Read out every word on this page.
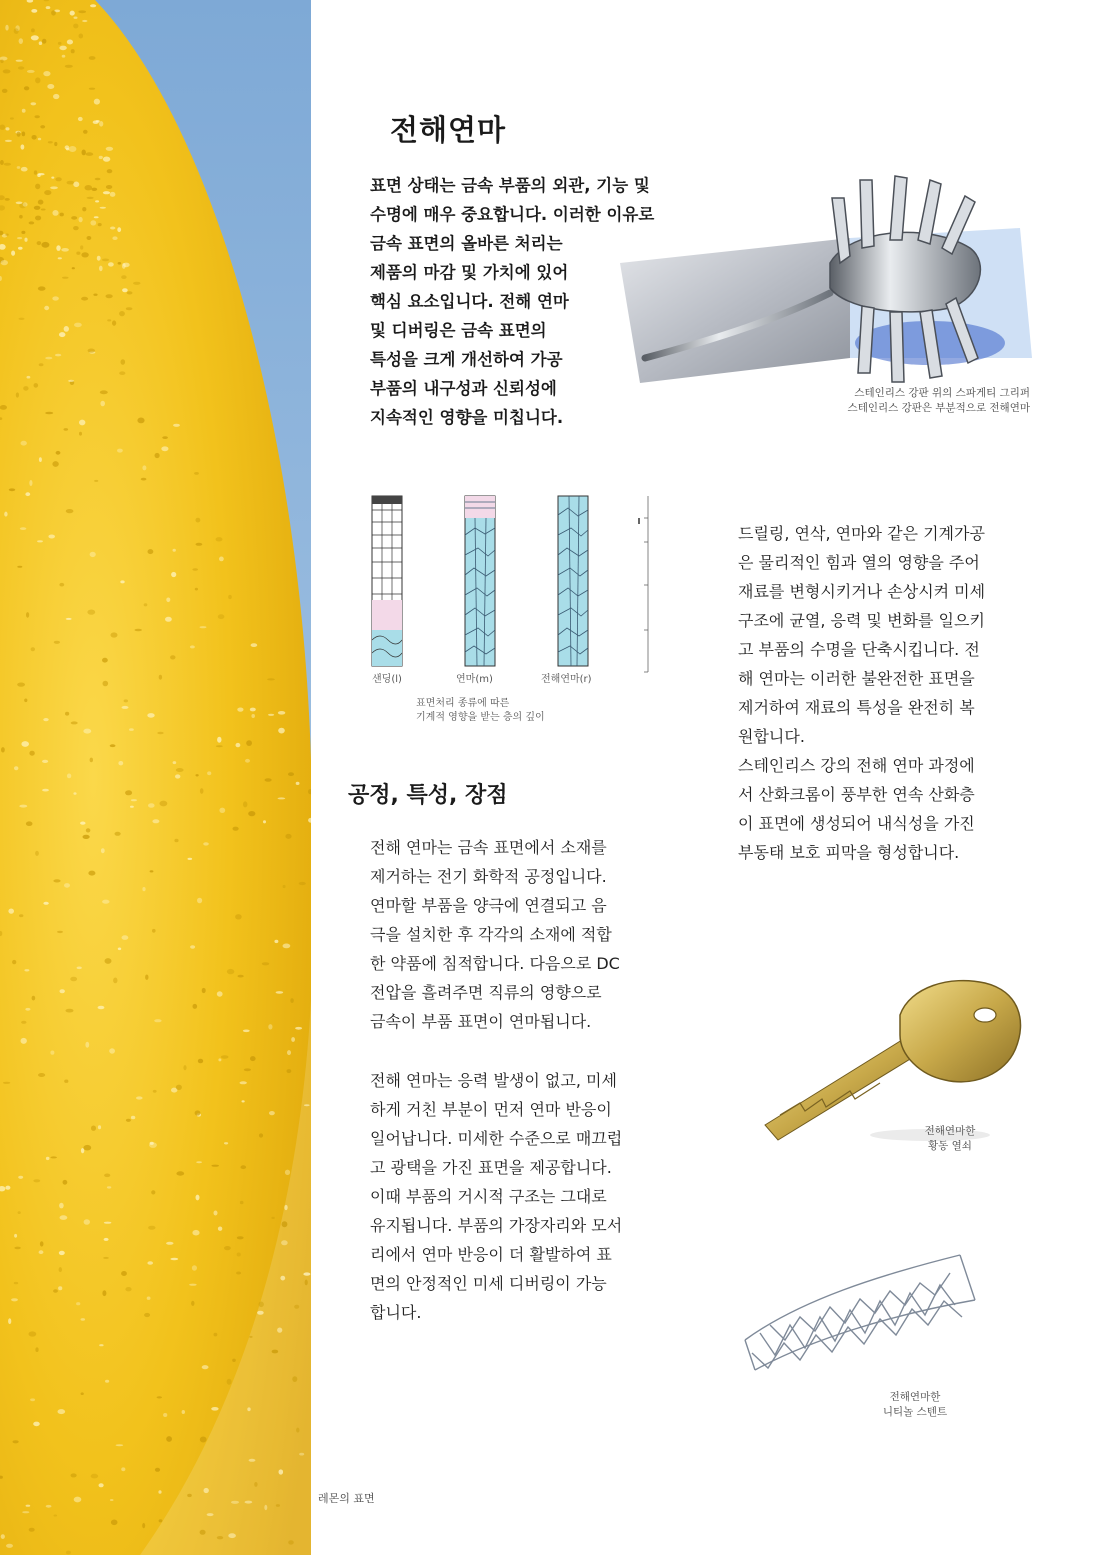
전해연마
표면 상태는 금속 부품의 외관, 기능 및
수명에 매우 중요합니다. 이러한 이유로
금속 표면의 올바른 처리는
제품의 마감 및 가치에 있어
핵심 요소입니다. 전해 연마
및 디버링은 금속 표면의
특성을 크게 개선하여 가공
부품의 내구성과 신뢰성에
지속적인 영향을 미칩니다.
스테인리스 강판 위의 스파게티 그리퍼
스테인리스 강판은 부분적으로 전해연마
샌딩(l)	연마(m)	전해연마(r)
표면처리 종류에 따른
기계적 영향을 받는 층의 깊이
드릴링, 연삭, 연마와 같은 기계가공
은 물리적인 힘과 열의 영향을 주어
재료를 변형시키거나 손상시켜 미세
구조에 균열, 응력 및 변화를 일으키
고 부품의 수명을 단축시킵니다. 전
해 연마는 이러한 불완전한 표면을
제거하여 재료의 특성을 완전히 복
원합니다.
스테인리스 강의 전해 연마 과정에
서 산화크롬이 풍부한 연속 산화층
이 표면에 생성되어 내식성을 가진
부동태 보호 피막을 형성합니다.
공정, 특성, 장점
전해 연마는 금속 표면에서 소재를
제거하는 전기 화학적 공정입니다.
연마할 부품을 양극에 연결되고 음
극을 설치한 후 각각의 소재에 적합
한 약품에 침적합니다. 다음으로 DC
전압을 흘려주면 직류의 영향으로
금속이 부품 표면이 연마됩니다.
전해 연마는 응력 발생이 없고, 미세
하게 거친 부분이 먼저 연마 반응이
일어납니다. 미세한 수준으로 매끄럽
고 광택을 가진 표면을 제공합니다.
이때 부품의 거시적 구조는 그대로
유지됩니다. 부품의 가장자리와 모서
리에서 연마 반응이 더 활발하여 표
면의 안정적인 미세 디버링이 가능
합니다.
전해연마한
황동 열쇠
전해연마한
니티놀 스텐트
레몬의 표면
